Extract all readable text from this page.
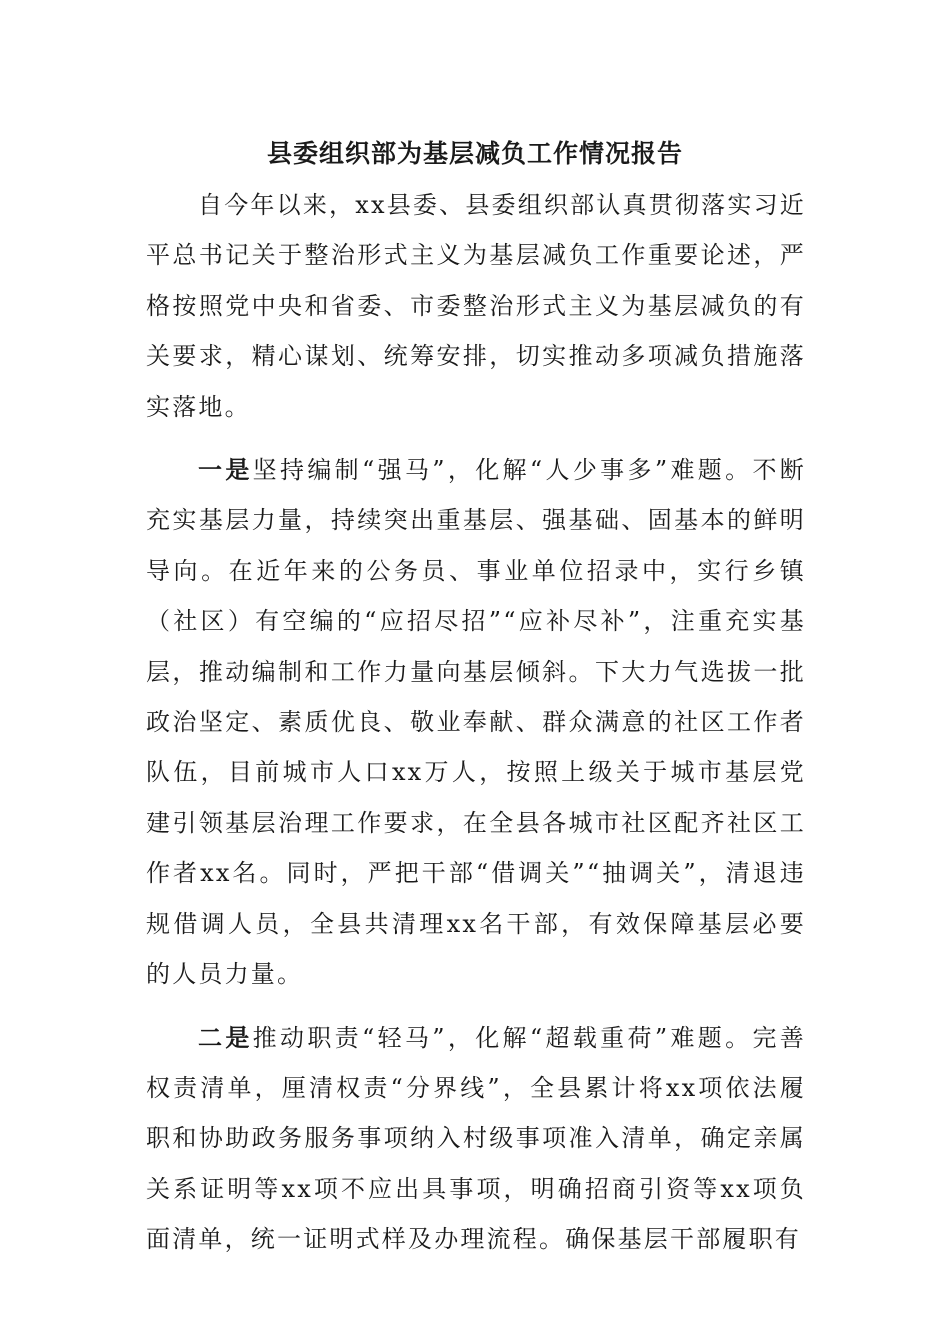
县委组织部为基层减负工作情况报告

自今年以来，xx县委、县委组织部认真贯彻落实习近平总书记关于整治形式主义为基层减负工作重要论述，严格按照党中央和省委、市委整治形式主义为基层减负的有关要求，精心谋划、统筹安排，切实推动多项减负措施落实落地。

一是坚持编制“强马”，化解“人少事多”难题。不断充实基层力量，持续突出重基层、强基础、固基本的鲜明导向。在近年来的公务员、事业单位招录中，实行乡镇（社区）有空编的“应招尽招”“应补尽补”，注重充实基层，推动编制和工作力量向基层倾斜。下大力气选拔一批政治坚定、素质优良、敬业奉献、群众满意的社区工作者队伍，目前城市人口xx万人，按照上级关于城市基层党建引领基层治理工作要求，在全县各城市社区配齐社区工作者xx名。同时，严把干部“借调关”“抽调关”，清退违规借调人员，全县共清理xx名干部，有效保障基层必要的人员力量。

二是推动职责“轻马”，化解“超载重荷”难题。完善权责清单，厘清权责“分界线”，全县累计将xx项依法履职和协助政务服务事项纳入村级事项准入清单，确定亲属关系证明等xx项不应出具事项，明确招商引资等xx项负面清单，统一证明式样及办理流程。确保基层干部履职有
